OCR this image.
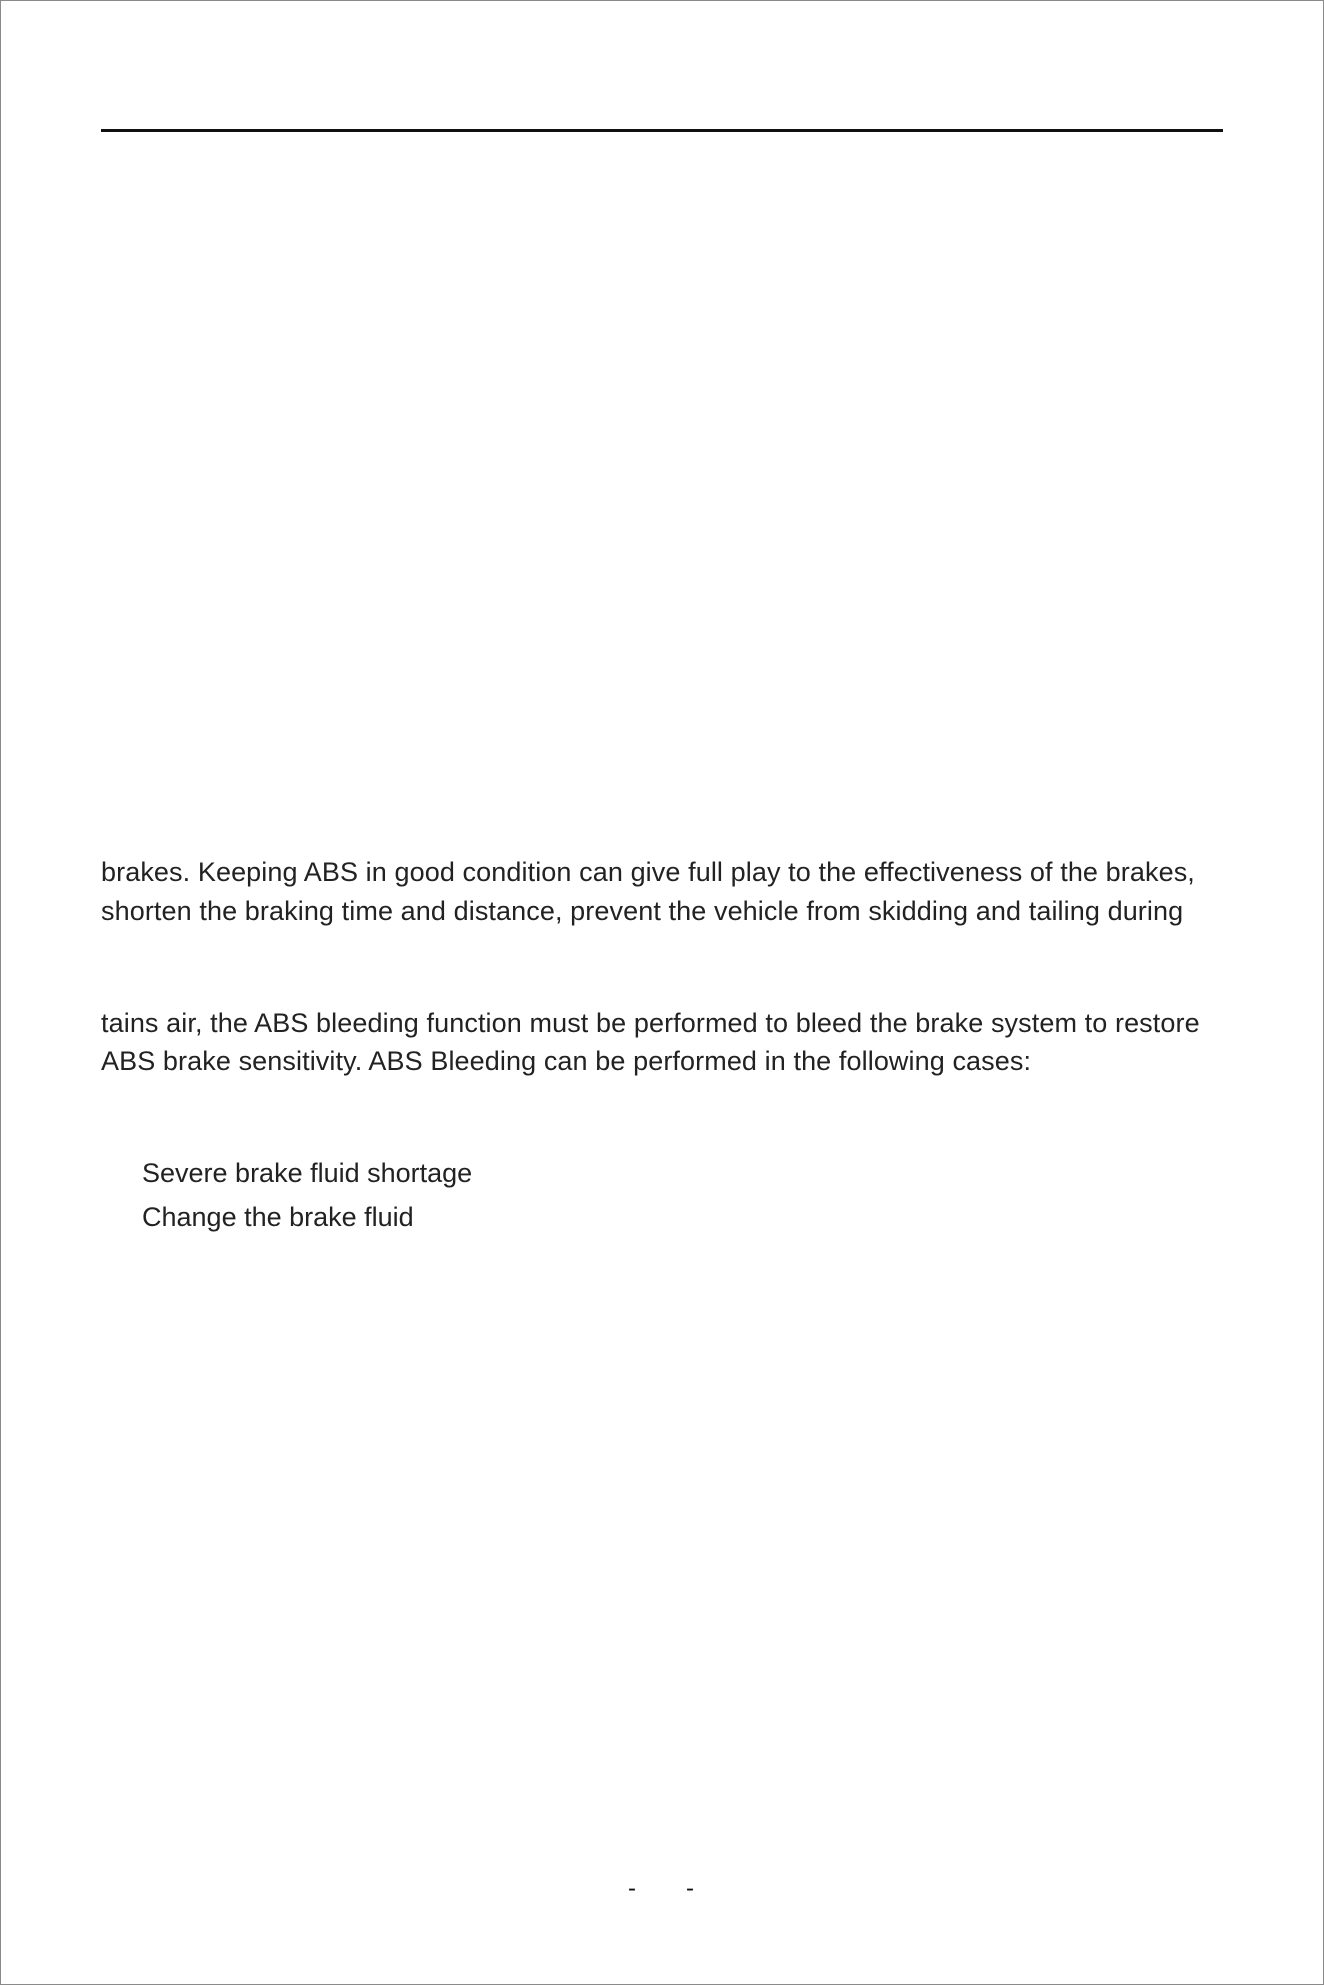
brakes. Keeping ABS in good condition can give full play to the effectiveness of the brakes,
shorten the braking time and distance, prevent the vehicle from skidding and tailing during
tains air, the ABS bleeding function must be performed to bleed the brake system to restore
ABS brake sensitivity. ABS Bleeding can be performed in the following cases:
Severe brake fluid shortage
Change the brake fluid
- -
